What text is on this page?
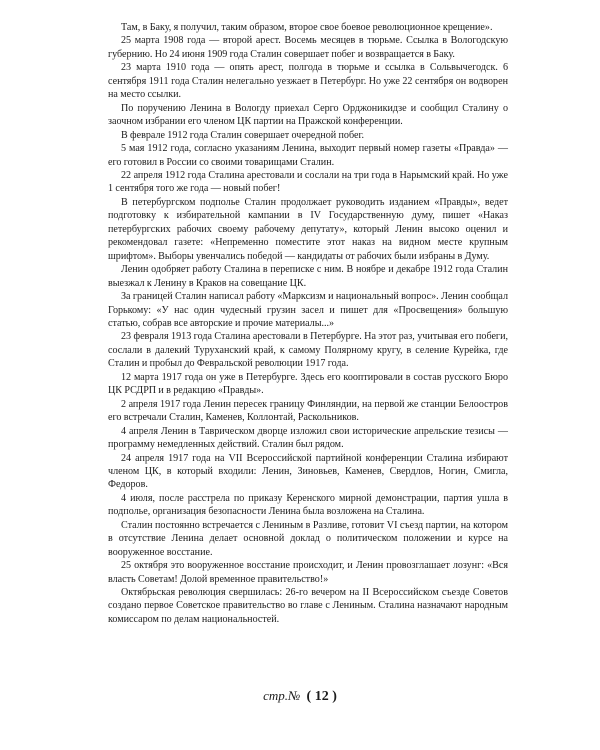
Там, в Баку, я получил, таким образом, второе свое боевое революционное крещение».

25 марта 1908 года — второй арест. Восемь месяцев в тюрьме. Ссылка в Вологодскую губернию. Но 24 июня 1909 года Сталин совершает побег и возвращается в Баку.

23 марта 1910 года — опять арест, полгода в тюрьме и ссылка в Сольвычегодск. 6 сентября 1911 года Сталин нелегально уезжает в Петербург. Но уже 22 сентября он водворен на место ссылки.

По поручению Ленина в Вологду приехал Серго Орджоникидзе и сообщил Сталину о заочном избрании его членом ЦК партии на Пражской конференции.

В феврале 1912 года Сталин совершает очередной побег.

5 мая 1912 года, согласно указаниям Ленина, выходит первый номер газеты «Правда» — его готовил в России со своими товарищами Сталин.

22 апреля 1912 года Сталина арестовали и сослали на три года в Нарымский край. Но уже 1 сентября того же года — новый побег!

В петербургском подполье Сталин продолжает руководить изданием «Правды», ведет подготовку к избирательной кампании в IV Государственную думу, пишет «Наказ петербургских рабочих своему рабочему депутату», который Ленин высоко оценил и рекомендовал газете: «Непременно поместите этот наказ на видном месте крупным шрифтом». Выборы увенчались победой — кандидаты от рабочих были избраны в Думу.

Ленин одобряет работу Сталина в переписке с ним. В ноябре и декабре 1912 года Сталин выезжал к Ленину в Краков на совещание ЦК.

За границей Сталин написал работу «Марксизм и национальный вопрос». Ленин сообщал Горькому: «У нас один чудесный грузин засел и пишет для «Просвещения» большую статью, собрав все авторские и прочие материалы...»

23 февраля 1913 года Сталина арестовали в Петербурге. На этот раз, учитывая его побеги, сослали в далекий Туруханский край, к самому Полярному кругу, в селение Курейка, где Сталин и пробыл до Февральской революции 1917 года.

12 марта 1917 года он уже в Петербурге. Здесь его кооптировали в состав русского Бюро ЦК РСДРП и в редакцию «Правды».

2 апреля 1917 года Ленин пересек границу Финляндии, на первой же станции Белоостров его встречали Сталин, Каменев, Коллонтай, Раскольников.

4 апреля Ленин в Таврическом дворце изложил свои исторические апрельские тезисы — программу немедленных действий. Сталин был рядом.

24 апреля 1917 года на VII Всероссийской партийной конференции Сталина избирают членом ЦК, в который входили: Ленин, Зиновьев, Каменев, Свердлов, Ногин, Смигла, Федоров.

4 июля, после расстрела по приказу Керенского мирной демонстрации, партия ушла в подполье, организация безопасности Ленина была возложена на Сталина.

Сталин постоянно встречается с Лениным в Разливе, готовит VI съезд партии, на котором в отсутствие Ленина делает основной доклад о политическом положении и курсе на вооруженное восстание.

25 октября это вооруженное восстание происходит, и Ленин провозглашает лозунг: «Вся власть Советам! Долой временное правительство!»

Октябрьская революция свершилась: 26-го вечером на II Всероссийском съезде Советов создано первое Советское правительство во главе с Лениным. Сталина назначают народным комиссаром по делам национальностей.

стр.№ ( 12 )
